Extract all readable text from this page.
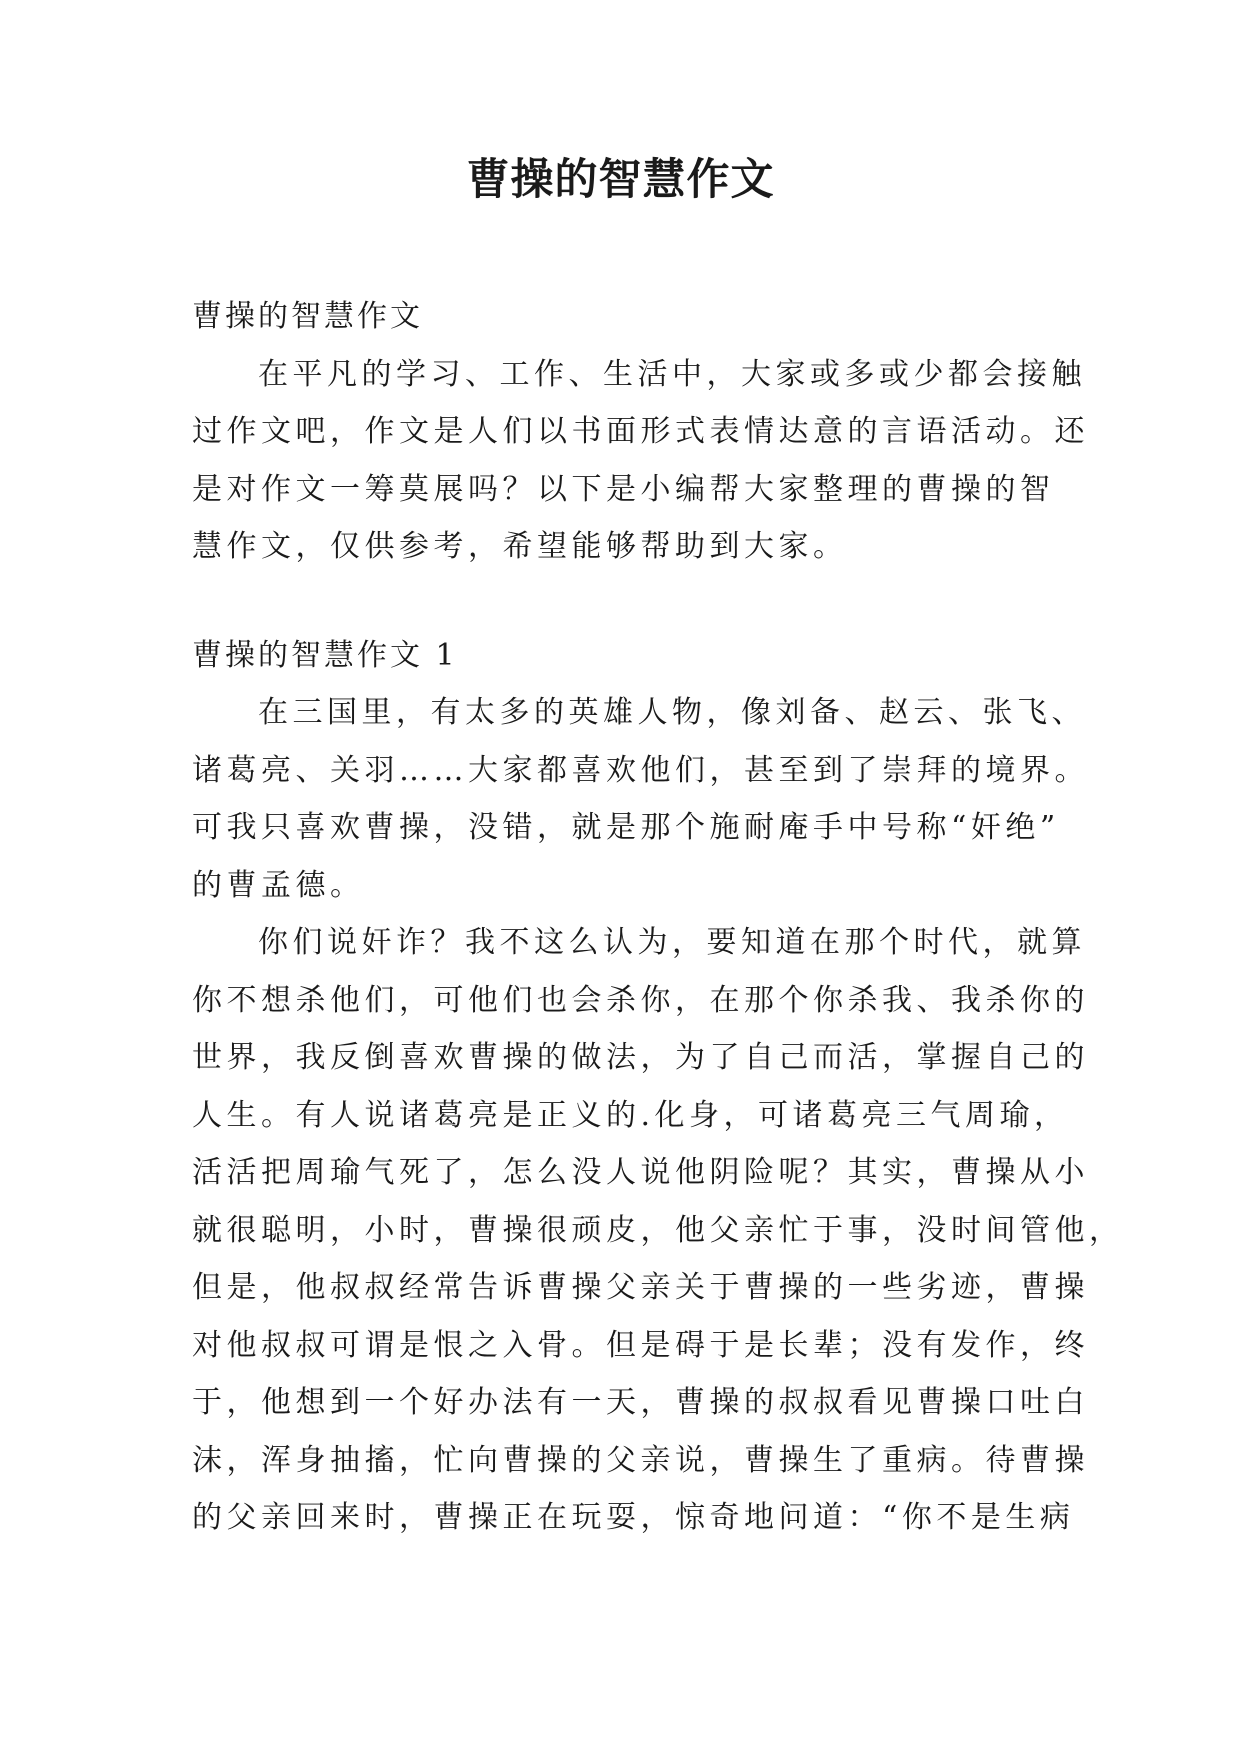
曹操的智慧作文
曹操的智慧作文
在平凡的学习、工作、生活中，大家或多或少都会接触
过作文吧，作文是人们以书面形式表情达意的言语活动。还
是对作文一筹莫展吗？以下是小编帮大家整理的曹操的智
慧作文，仅供参考，希望能够帮助到大家。
曹操的智慧作文 1
在三国里，有太多的英雄人物，像刘备、赵云、张飞、
诸葛亮、关羽……大家都喜欢他们，甚至到了崇拜的境界。
可我只喜欢曹操，没错，就是那个施耐庵手中号称“奸绝”
的曹孟德。
你们说奸诈？我不这么认为，要知道在那个时代，就算
你不想杀他们，可他们也会杀你，在那个你杀我、我杀你的
世界，我反倒喜欢曹操的做法，为了自己而活，掌握自己的
人生。有人说诸葛亮是正义的.化身，可诸葛亮三气周瑜，
活活把周瑜气死了，怎么没人说他阴险呢？其实，曹操从小
就很聪明，小时，曹操很顽皮，他父亲忙于事，没时间管他，
但是，他叔叔经常告诉曹操父亲关于曹操的一些劣迹，曹操
对他叔叔可谓是恨之入骨。但是碍于是长辈；没有发作，终
于，他想到一个好办法有一天，曹操的叔叔看见曹操口吐白
沫，浑身抽搐，忙向曹操的父亲说，曹操生了重病。待曹操
的父亲回来时，曹操正在玩耍，惊奇地问道：“你不是生病
